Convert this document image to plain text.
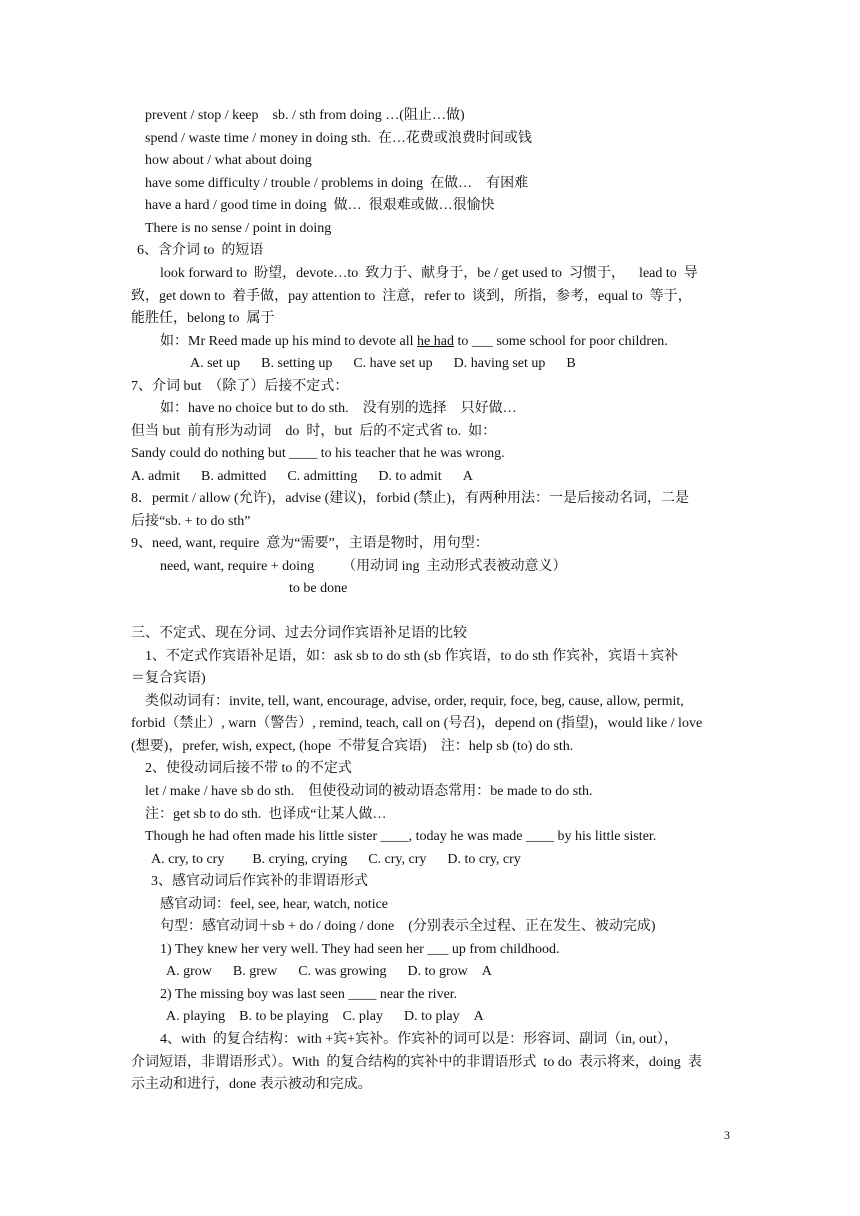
prevent / stop / keep    sb. / sth from doing …(阻止…做)
spend / waste time / money in doing sth.  在…花费或浪费时间或钱
how about / what about doing
have some difficulty / trouble / problems in doing  在做…    有困难
have a hard / good time in doing  做…  很艰难或做…很愉快
There is no sense / point in doing
6、含介词 to  的短语
look forward to  盼望，devote…to  致力于、献身于，be / get used to  习惯于，    lead to  导
致，get down to  着手做，pay attention to  注意，refer to  谈到，所指，参考，equal to  等于，
能胜任，belong to  属于
如：Mr Reed made up his mind to devote all he had to ___ some school for poor children.
A. set up      B. setting up      C. have set up      D. having set up      B
7、介词 but  （除了）后接不定式：
如：have no choice but to do sth.    没有别的选择    只好做…
但当 but  前有形为动词    do  时，but  后的不定式省 to.  如：
Sandy could do nothing but ____ to his teacher that he was wrong.
A. admit      B. admitted      C. admitting      D. to admit      A
8．permit / allow (允许)，advise (建议)，forbid (禁止)，有两种用法：一是后接动名词，二是
后接“sb. + to do sth”
9、need, want, require  意为“需要”，主语是物时，用句型：
need, want, require + doing        （用动词 ing  主动形式表被动意义）
to be done
三、不定式、现在分词、过去分词作宾语补足语的比较
1、不定式作宾语补足语，如：ask sb to do sth (sb 作宾语，to do sth 作宾补，宾语＋宾补
＝复合宾语)
类似动词有：invite, tell, want, encourage, advise, order, requir, foce, beg, cause, allow, permit,
forbid（禁止）, warn（警告）, remind, teach, call on (号召)，depend on (指望)，would like / love
(想要)，prefer, wish, expect, (hope  不带复合宾语)    注：help sb (to) do sth.
2、使役动词后接不带 to 的不定式
let / make / have sb do sth.    但使役动词的被动语态常用：be made to do sth.
注：get sb to do sth.  也译成“让某人做…
Though he had often made his little sister ____, today he was made ____ by his little sister.
A. cry, to cry        B. crying, crying      C. cry, cry      D. to cry, cry
3、感官动词后作宾补的非谓语形式
感官动词：feel, see, hear, watch, notice
句型：感官动词＋sb + do / doing / done    (分别表示全过程、正在发生、被动完成)
1) They knew her very well. They had seen her ___ up from childhood.
A. grow      B. grew      C. was growing      D. to grow    A
2) The missing boy was last seen ____ near the river.
A. playing    B. to be playing    C. play      D. to play    A
4、with  的复合结构：with +宾+宾补。作宾补的词可以是：形容词、副词（in, out），
介词短语，非谓语形式）。With  的复合结构的宾补中的非谓语形式  to do  表示将来，doing  表
示主动和进行，done 表示被动和完成。
3
